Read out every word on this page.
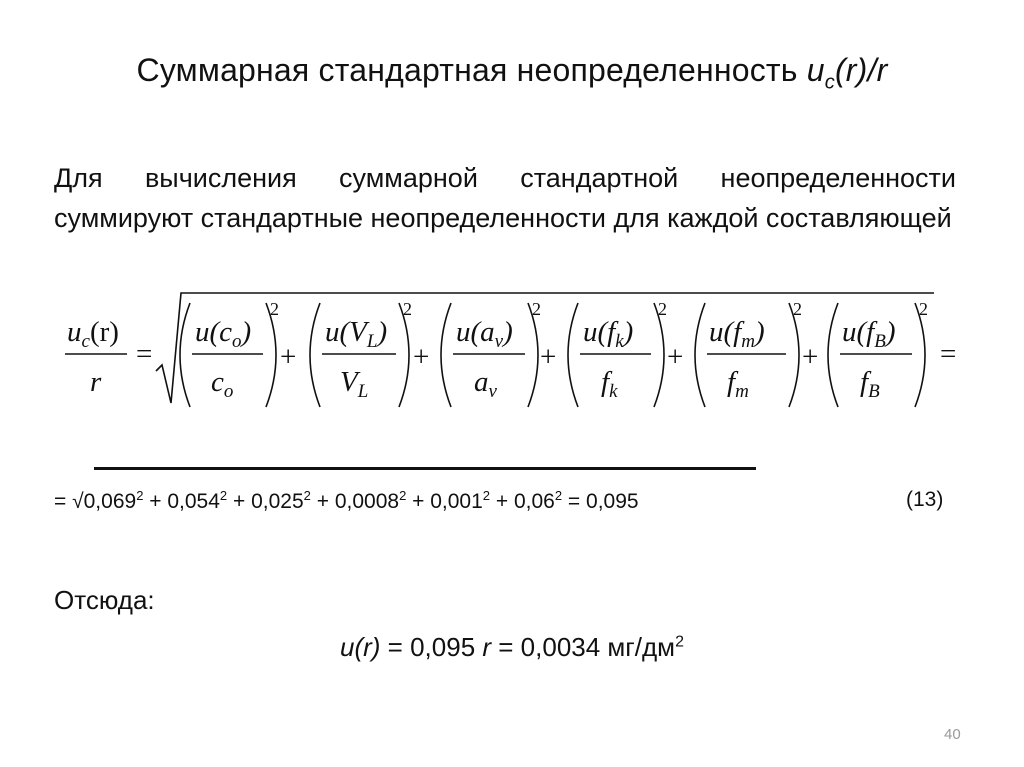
Суммарная стандартная неопределенность $u_c(r)/r$
Для вычисления суммарной стандартной неопределенности суммируют стандартные неопределенности для каждой составляющей
$u_c(r)$
r
=
$u(c_o)$
$c_o$
2
+
$u(V_L)$
$V_L$
2
+
$u(a_v)$
$a_v$
2
+
$u(f_k)$
$f_k$
2
+
$u(f_m)$
$f_m$
2
+
$u(f_B)$
$f_B$
2
=
= $√0,069^2 + 0,054^2 + 0,025^2 + 0,0008^2 + 0,001^2 + 0,06^2 = 0,095$	(13)
Отсюда:
u(r) = 0,095 r = 0,0034 $мг/дм^2$
40
